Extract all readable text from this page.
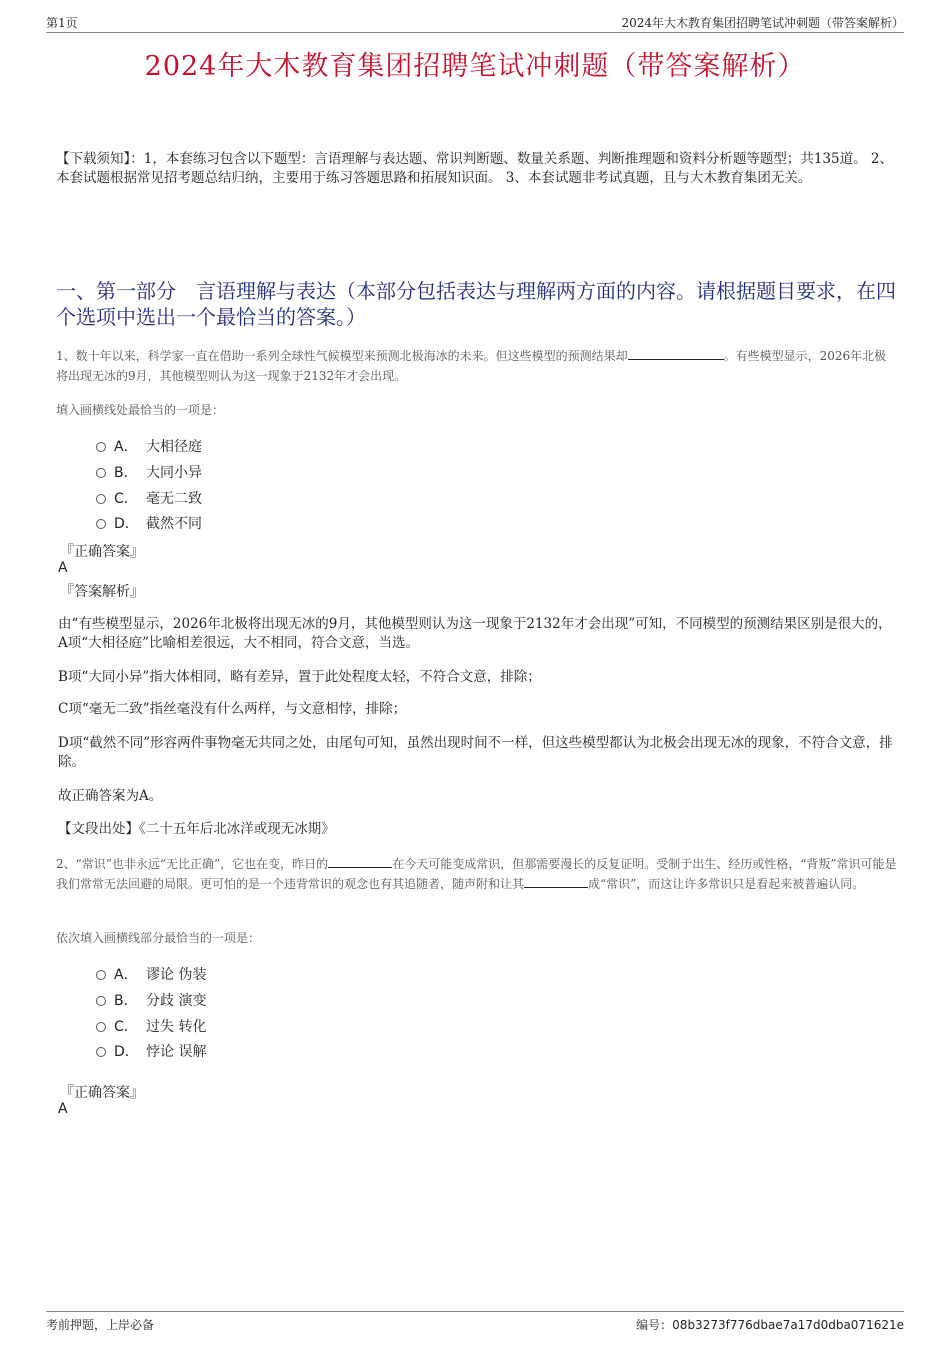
第1页	2024年大木教育集团招聘笔试冲刺题（带答案解析）
2024年大木教育集团招聘笔试冲刺题（带答案解析）
【下载须知】：1，本套练习包含以下题型：言语理解与表达题、常识判断题、数量关系题、判断推理题和资料分析题等题型；共135道。 2、本套试题根据常见招考题总结归纳，主要用于练习答题思路和拓展知识面。 3、本套试题非考试真题，且与大木教育集团无关。
一、第一部分　言语理解与表达（本部分包括表达与理解两方面的内容。请根据题目要求，在四个选项中选出一个最恰当的答案。）
1、数十年以来，科学家一直在借助一系列全球性气候模型来预测北极海冰的未来。但这些模型的预测结果却	。有些模型显示，2026年北极将出现无冰的9月，其他模型则认为这一现象于2132年才会出现。
填入画横线处最恰当的一项是：
A． 大相径庭
B． 大同小异
C． 毫无二致
D． 截然不同
『正确答案』
A
『答案解析』
由“有些模型显示，2026年北极将出现无冰的9月，其他模型则认为这一现象于2132年才会出现”可知，不同模型的预测结果区别是很大的，A项“大相径庭”比喻相差很远，大不相同，符合文意，当选。
B项“大同小异”指大体相同，略有差异，置于此处程度太轻，不符合文意，排除；
C项“毫无二致”指丝毫没有什么两样，与文意相悖，排除；
D项“截然不同”形容两件事物毫无共同之处，由尾句可知，虽然出现时间不一样，但这些模型都认为北极会出现无冰的现象，不符合文意，排除。
故正确答案为A。
【文段出处】《二十五年后北冰洋或现无冰期》
2、“常识”也非永远“无比正确”，它也在变，昨日的	在今天可能变成常识，但那需要漫长的反复证明。受制于出生、经历或性格，“背叛”常识可能是我们常常无法回避的局限。更可怕的是一个违背常识的观念也有其追随者，随声附和让其	成“常识”，而这让许多常识只是看起来被普遍认同。
依次填入画横线部分最恰当的一项是：
A． 谬论 伪装
B． 分歧 演变
C． 过失 转化
D． 悖论 误解
『正确答案』
A
考前押题，上岸必备	编号：08b3273f776dbae7a17d0dba071621e
